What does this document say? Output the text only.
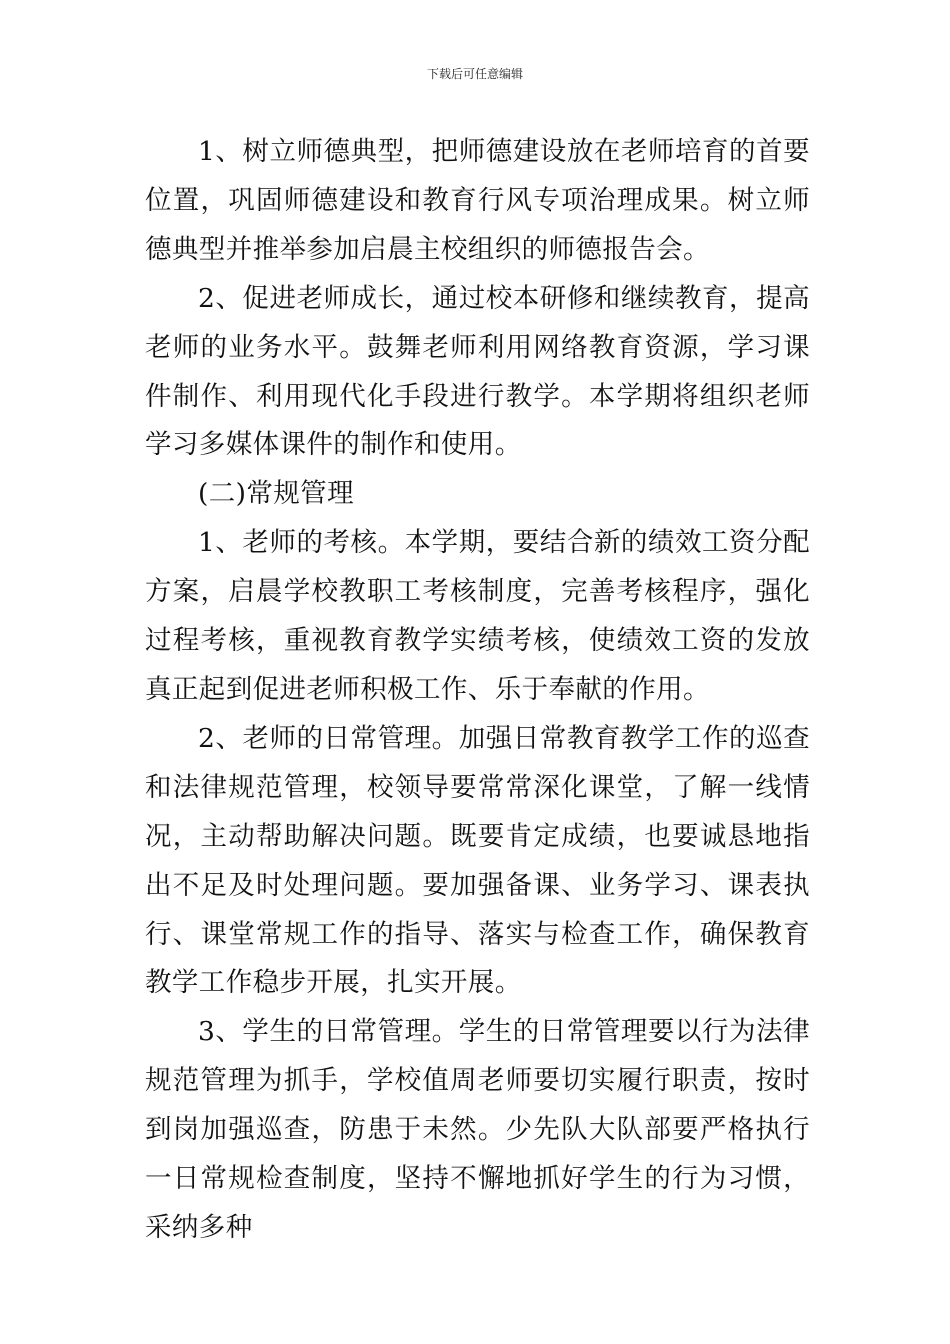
下载后可任意编辑

1、树立师德典型，把师德建设放在老师培育的首要位置，巩固师德建设和教育行风专项治理成果。树立师德典型并推举参加启晨主校组织的师德报告会。

2、促进老师成长，通过校本研修和继续教育，提高老师的业务水平。鼓舞老师利用网络教育资源，学习课件制作、利用现代化手段进行教学。本学期将组织老师学习多媒体课件的制作和使用。

(二)常规管理

1、老师的考核。本学期，要结合新的绩效工资分配方案，启晨学校教职工考核制度，完善考核程序，强化过程考核，重视教育教学实绩考核，使绩效工资的发放真正起到促进老师积极工作、乐于奉献的作用。

2、老师的日常管理。加强日常教育教学工作的巡查和法律规范管理，校领导要常常深化课堂，了解一线情况，主动帮助解决问题。既要肯定成绩，也要诚恳地指出不足及时处理问题。要加强备课、业务学习、课表执行、课堂常规工作的指导、落实与检查工作，确保教育教学工作稳步开展，扎实开展。

3、学生的日常管理。学生的日常管理要以行为法律规范管理为抓手，学校值周老师要切实履行职责，按时到岗加强巡查，防患于未然。少先队大队部要严格执行一日常规检查制度，坚持不懈地抓好学生的行为习惯，采纳多种
